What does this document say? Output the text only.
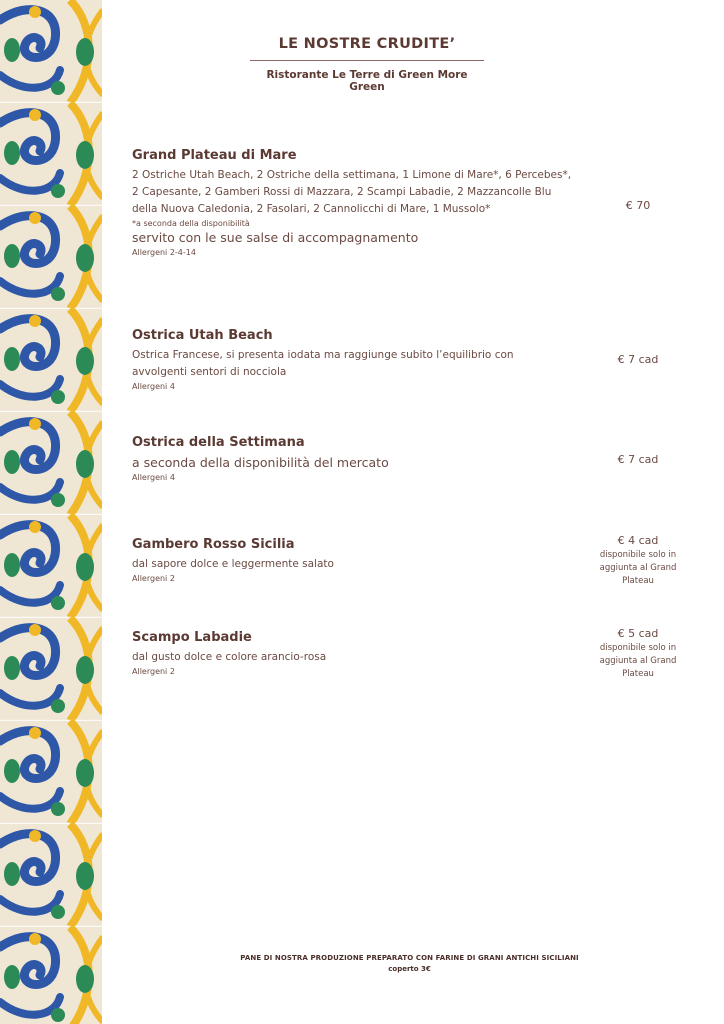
LE NOSTRE CRUDITE’
Ristorante Le Terre di Green More Green
Grand Plateau di Mare
2 Ostriche Utah Beach, 2 Ostriche della settimana, 1 Limone di Mare*, 6 Percebes*,
2 Capesante, 2 Gamberi Rossi di Mazzara, 2 Scampi Labadie, 2 Mazzancolle Blu
della Nuova Caledonia, 2 Fasolari, 2 Cannolicchi di Mare, 1 Mussolo*
*a seconda della disponibilità
servito con le sue salse di accompagnamento
Allergeni 2-4-14
€ 70
Ostrica Utah Beach
Ostrica Francese, si presenta iodata ma raggiunge subito l’equilibrio con
avvolgenti sentori di nocciola
Allergeni 4
€ 7 cad
Ostrica della Settimana
a seconda della disponibilità del mercato
Allergeni 4
€ 7 cad
Gambero Rosso Sicilia
dal sapore dolce e leggermente salato
Allergeni 2
€ 4 cad
disponibile solo in
aggiunta al Grand
Plateau
Scampo Labadie
dal gusto dolce e colore arancio-rosa
Allergeni 2
€ 5 cad
disponibile solo in
aggiunta al Grand
Plateau
PANE DI NOSTRA PRODUZIONE PREPARATO CON FARINE DI GRANI ANTICHI SICILIANI
coperto 3€
